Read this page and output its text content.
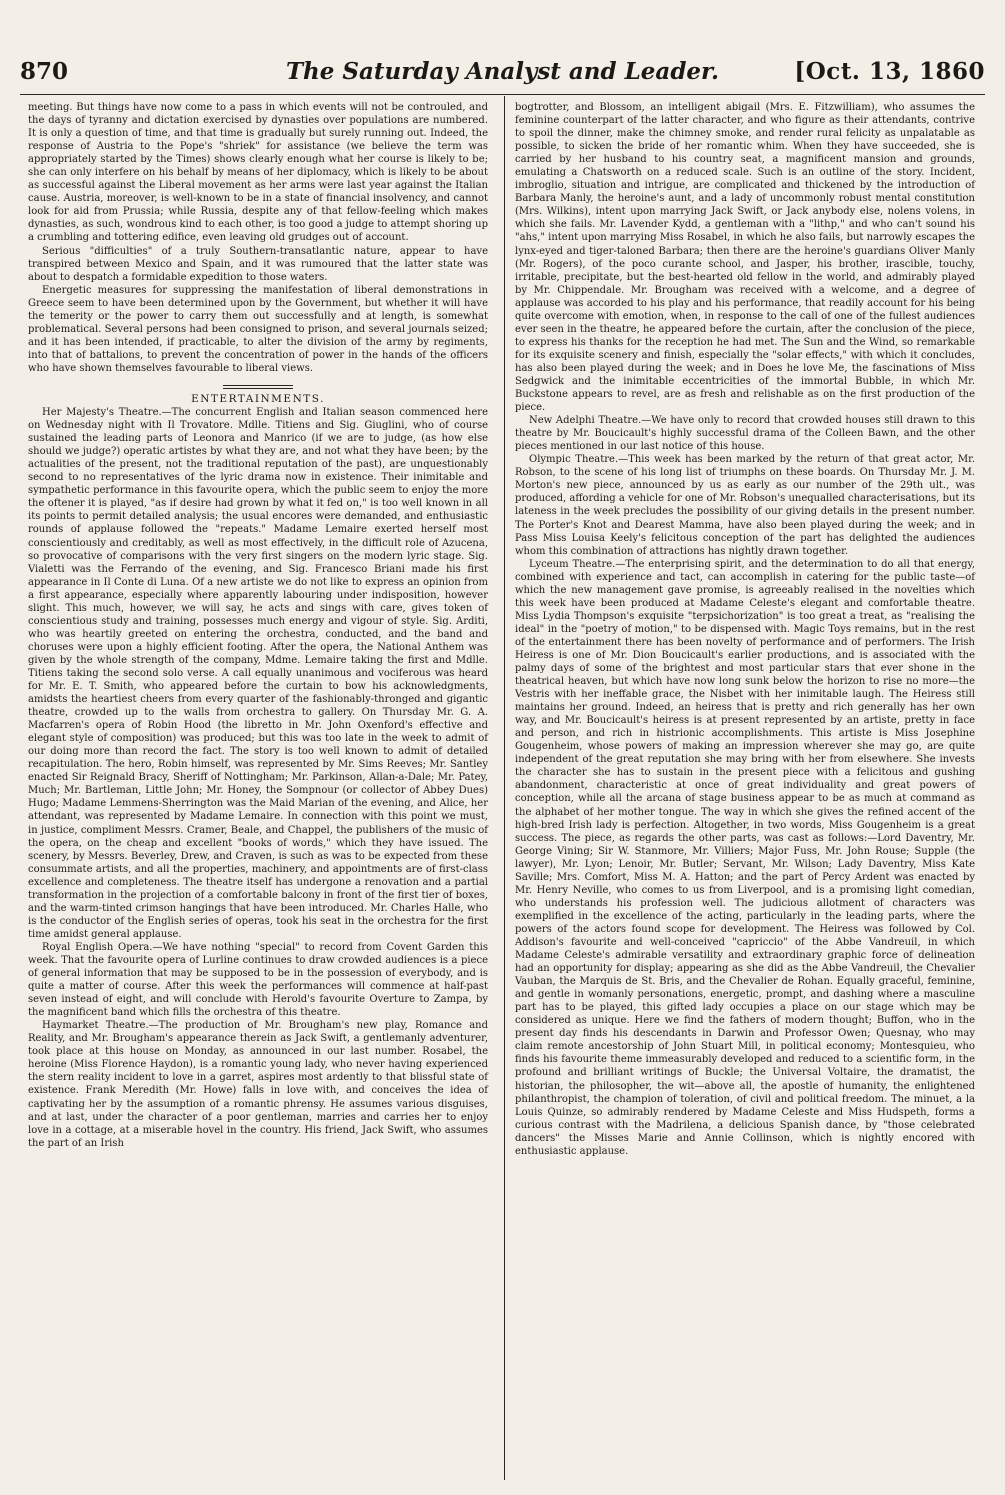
870	The Saturday Analyst and Leader.	[Oct. 13, 1860

meeting. But things have now come to a pass in which events will not be controuled, and the days of tyranny and dictation exercised by dynasties over populations are numbered. It is only a question of time, and that time is gradually but surely running out. Indeed, the response of Austria to the Pope's "shriek" for assistance (we believe the term was appropriately started by the Times) shows clearly enough what her course is likely to be; she can only interfere on his behalf by means of her diplomacy, which is likely to be about as successful against the Liberal movement as her arms were last year against the Italian cause. Austria, moreover, is well-known to be in a state of financial insolvency, and cannot look for aid from Prussia; while Russia, despite any of that fellow-feeling which makes dynasties, as such, wondrous kind to each other, is too good a judge to attempt shoring up a crumbling and tottering edifice, even leaving old grudges out of account.

Serious "difficulties" of a truly Southern-transatlantic nature, appear to have transpired between Mexico and Spain, and it was rumoured that the latter state was about to despatch a formidable expedition to those waters.

Energetic measures for suppressing the manifestation of liberal demonstrations in Greece seem to have been determined upon by the Government, but whether it will have the temerity or the power to carry them out successfully and at length, is somewhat problematical. Several persons had been consigned to prison, and several journals seized; and it has been intended, if practicable, to alter the division of the army by regiments, into that of battalions, to prevent the concentration of power in the hands of the officers who have shown themselves favourable to liberal views.

ENTERTAINMENTS.

Her Majesty's Theatre.—The concurrent English and Italian season commenced here on Wednesday night with Il Trovatore. Mdlle. Titiens and Sig. Giuglini, who of course sustained the leading parts of Leonora and Manrico (if we are to judge, (as how else should we judge?) operatic artistes by what they are, and not what they have been; by the actualities of the present, not the traditional reputation of the past), are unquestionably second to no representatives of the lyric drama now in existence. Their inimitable and sympathetic performance in this favourite opera, which the public seem to enjoy the more the oftener it is played, "as if desire had grown by what it fed on," is too well known in all its points to permit detailed analysis; the usual encores were demanded, and enthusiastic rounds of applause followed the "repeats." Madame Lemaire exerted herself most conscientiously and creditably, as well as most effectively, in the difficult role of Azucena, so provocative of comparisons with the very first singers on the modern lyric stage. Sig. Vialetti was the Ferrando of the evening, and Sig. Francesco Briani made his first appearance in Il Conte di Luna. Of a new artiste we do not like to express an opinion from a first appearance, especially where apparently labouring under indisposition, however slight. This much, however, we will say, he acts and sings with care, gives token of conscientious study and training, possesses much energy and vigour of style. Sig. Arditi, who was heartily greeted on entering the orchestra, conducted, and the band and choruses were upon a highly efficient footing. After the opera, the National Anthem was given by the whole strength of the company, Mdme. Lemaire taking the first and Mdlle. Titiens taking the second solo verse. A call equally unanimous and vociferous was heard for Mr. E. T. Smith, who appeared before the curtain to bow his acknowledgments, amidsts the heartiest cheers from every quarter of the fashionably-thronged and gigantic theatre, crowded up to the walls from orchestra to gallery. On Thursday Mr. G. A. Macfarren's opera of Robin Hood (the libretto in Mr. John Oxenford's effective and elegant style of composition) was produced; but this was too late in the week to admit of our doing more than record the fact. The story is too well known to admit of detailed recapitulation. The hero, Robin himself, was represented by Mr. Sims Reeves; Mr. Santley enacted Sir Reignald Bracy, Sheriff of Nottingham; Mr. Parkinson, Allan-a-Dale; Mr. Patey, Much; Mr. Bartleman, Little John; Mr. Honey, the Sompnour (or collector of Abbey Dues) Hugo; Madame Lemmens-Sherrington was the Maid Marian of the evening, and Alice, her attendant, was represented by Madame Lemaire. In connection with this point we must, in justice, compliment Messrs. Cramer, Beale, and Chappel, the publishers of the music of the opera, on the cheap and excellent "books of words," which they have issued. The scenery, by Messrs. Beverley, Drew, and Craven, is such as was to be expected from these consummate artists, and all the properties, machinery, and appointments are of first-class excellence and completeness. The theatre itself has undergone a renovation and a partial transformation in the projection of a comfortable balcony in front of the first tier of boxes, and the warm-tinted crimson hangings that have been introduced. Mr. Charles Halle, who is the conductor of the English series of operas, took his seat in the orchestra for the first time amidst general applause.

Royal English Opera.—We have nothing "special" to record from Covent Garden this week. That the favourite opera of Lurline continues to draw crowded audiences is a piece of general information that may be supposed to be in the possession of everybody, and is quite a matter of course. After this week the performances will commence at half-past seven instead of eight, and will conclude with Herold's favourite Overture to Zampa, by the magnificent band which fills the orchestra of this theatre.

Haymarket Theatre.—The production of Mr. Brougham's new play, Romance and Reality, and Mr. Brougham's appearance therein as Jack Swift, a gentlemanly adventurer, took place at this house on Monday, as announced in our last number. Rosabel, the heroine (Miss Florence Haydon), is a romantic young lady, who never having experienced the stern reality incident to love in a garret, aspires most ardently to that blissful state of existence. Frank Meredith (Mr. Howe) falls in love with, and conceives the idea of captivating her by the assumption of a romantic phrensy. He assumes various disguises, and at last, under the character of a poor gentleman, marries and carries her to enjoy love in a cottage, at a miserable hovel in the country. His friend, Jack Swift, who assumes the part of an Irish

bogtrotter, and Blossom, an intelligent abigail (Mrs. E. Fitzwilliam), who assumes the feminine counterpart of the latter character, and who figure as their attendants, contrive to spoil the dinner, make the chimney smoke, and render rural felicity as unpalatable as possible, to sicken the bride of her romantic whim. When they have succeeded, she is carried by her husband to his country seat, a magnificent mansion and grounds, emulating a Chatsworth on a reduced scale. Such is an outline of the story. Incident, imbroglio, situation and intrigue, are complicated and thickened by the introduction of Barbara Manly, the heroine's aunt, and a lady of uncommonly robust mental constitution (Mrs. Wilkins), intent upon marrying Jack Swift, or Jack anybody else, nolens volens, in which she fails. Mr. Lavender Kydd, a gentleman with a "lithp," and who can't sound his "ahs," intent upon marrying Miss Rosabel, in which he also fails, but narrowly escapes the lynx-eyed and tiger-taloned Barbara; then there are the heroine's guardians Oliver Manly (Mr. Rogers), of the poco curante school, and Jasper, his brother, irascible, touchy, irritable, precipitate, but the best-hearted old fellow in the world, and admirably played by Mr. Chippendale. Mr. Brougham was received with a welcome, and a degree of applause was accorded to his play and his performance, that readily account for his being quite overcome with emotion, when, in response to the call of one of the fullest audiences ever seen in the theatre, he appeared before the curtain, after the conclusion of the piece, to express his thanks for the reception he had met. The Sun and the Wind, so remarkable for its exquisite scenery and finish, especially the "solar effects," with which it concludes, has also been played during the week; and in Does he love Me, the fascinations of Miss Sedgwick and the inimitable eccentricities of the immortal Bubble, in which Mr. Buckstone appears to revel, are as fresh and relishable as on the first production of the piece.

New Adelphi Theatre.—We have only to record that crowded houses still drawn to this theatre by Mr. Boucicault's highly successful drama of the Colleen Bawn, and the other pieces mentioned in our last notice of this house.

Olympic Theatre.—This week has been marked by the return of that great actor, Mr. Robson, to the scene of his long list of triumphs on these boards. On Thursday Mr. J. M. Morton's new piece, announced by us as early as our number of the 29th ult., was produced, affording a vehicle for one of Mr. Robson's unequalled characterisations, but its lateness in the week precludes the possibility of our giving details in the present number. The Porter's Knot and Dearest Mamma, have also been played during the week; and in Pass Miss Louisa Keely's felicitous conception of the part has delighted the audiences whom this combination of attractions has nightly drawn together.

Lyceum Theatre.—The enterprising spirit, and the determination to do all that energy, combined with experience and tact, can accomplish in catering for the public taste—of which the new management gave promise, is agreeably realised in the novelties which this week have been produced at Madame Celeste's elegant and comfortable theatre. Miss Lydia Thompson's exquisite "terpsichorization" is too great a treat, as "realising the ideal" in the "poetry of motion," to be dispensed with. Magic Toys remains, but in the rest of the entertainment there has been novelty of performance and of performers. The Irish Heiress is one of Mr. Dion Boucicault's earlier productions, and is associated with the palmy days of some of the brightest and most particular stars that ever shone in the theatrical heaven, but which have now long sunk below the horizon to rise no more—the Vestris with her ineffable grace, the Nisbet with her inimitable laugh. The Heiress still maintains her ground. Indeed, an heiress that is pretty and rich generally has her own way, and Mr. Boucicault's heiress is at present represented by an artiste, pretty in face and person, and rich in histrionic accomplishments. This artiste is Miss Josephine Gougenheim, whose powers of making an impression wherever she may go, are quite independent of the great reputation she may bring with her from elsewhere. She invests the character she has to sustain in the present piece with a felicitous and gushing abandonment, characteristic at once of great individuality and great powers of conception, while all the arcana of stage business appear to be as much at command as the alphabet of her mother tongue. The way in which she gives the refined accent of the high-bred Irish lady is perfection. Altogether, in two words, Miss Gougenheim is a great success. The piece, as regards the other parts, was cast as follows:—Lord Daventry, Mr. George Vining; Sir W. Stanmore, Mr. Villiers; Major Fuss, Mr. John Rouse; Supple (the lawyer), Mr. Lyon; Lenoir, Mr. Butler; Servant, Mr. Wilson; Lady Daventry, Miss Kate Saville; Mrs. Comfort, Miss M. A. Hatton; and the part of Percy Ardent was enacted by Mr. Henry Neville, who comes to us from Liverpool, and is a promising light comedian, who understands his profession well. The judicious allotment of characters was exemplified in the excellence of the acting, particularly in the leading parts, where the powers of the actors found scope for development. The Heiress was followed by Col. Addison's favourite and well-conceived "capriccio" of the Abbe Vandreuil, in which Madame Celeste's admirable versatility and extraordinary graphic force of delineation had an opportunity for display; appearing as she did as the Abbe Vandreuil, the Chevalier Vauban, the Marquis de St. Bris, and the Chevalier de Rohan. Equally graceful, feminine, and gentle in womanly personations, energetic, prompt, and dashing where a masculine part has to be played, this gifted lady occupies a place on our stage which may be considered as unique. Here we find the fathers of modern thought; Buffon, who in the present day finds his descendants in Darwin and Professor Owen; Quesnay, who may claim remote ancestorship of John Stuart Mill, in political economy; Montesquieu, who finds his favourite theme immeasurably developed and reduced to a scientific form, in the profound and brilliant writings of Buckle; the Universal Voltaire, the dramatist, the historian, the philosopher, the wit—above all, the apostle of humanity, the enlightened philanthropist, the champion of toleration, of civil and political freedom. The minuet, a la Louis Quinze, so admirably rendered by Madame Celeste and Miss Hudspeth, forms a curious contrast with the Madrilena, a delicious Spanish dance, by "those celebrated dancers" the Misses Marie and Annie Collinson, which is nightly encored with enthusiastic applause.
